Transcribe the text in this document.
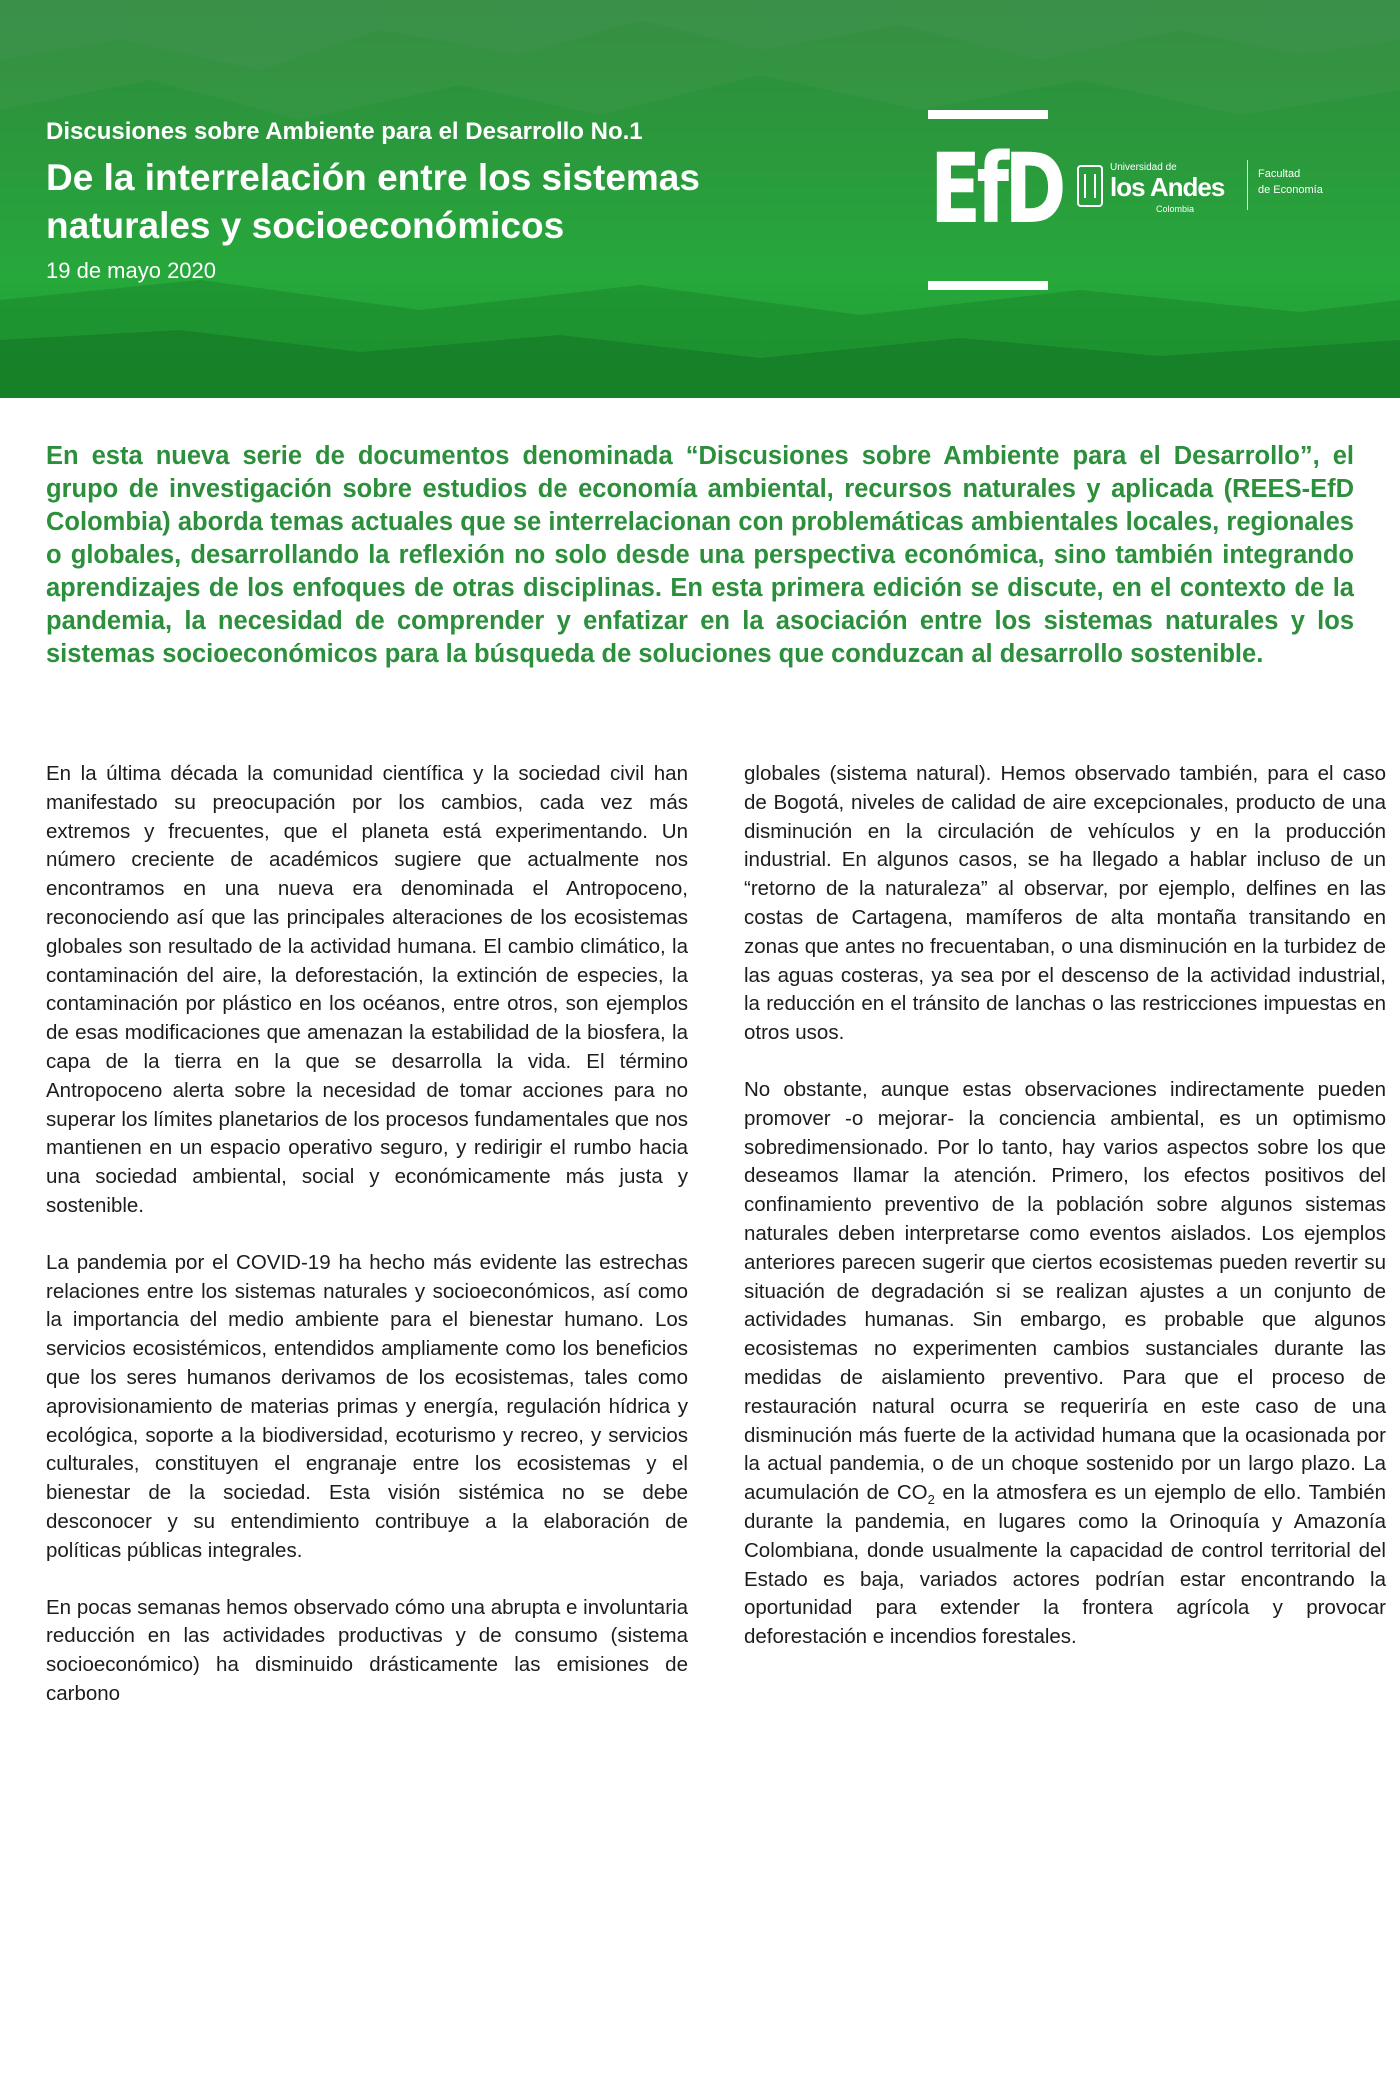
Discusiones sobre Ambiente para el Desarrollo No.1
De la interrelación entre los sistemas naturales y socioeconómicos
19 de mayo 2020
EfD	Universidad de
los Andes
Colombia
Facultad
de Economía
En esta nueva serie de documentos denominada “Discusiones sobre Ambiente para el Desarrollo”, el grupo de investigación sobre estudios de economía ambiental, recursos naturales y aplicada (REES-EfD Colombia) aborda temas actuales que se interrelacionan con problemáticas ambientales locales, regionales o globales, desarrollando la reflexión no solo desde una perspectiva económica, sino también integrando aprendizajes de los enfoques de otras disciplinas. En esta primera edición se discute, en el contexto de la pandemia, la necesidad de comprender y enfatizar en la asociación entre los sistemas naturales y los sistemas socioeconómicos para la búsqueda de soluciones que conduzcan al desarrollo sostenible.

En la última década la comunidad científica y la sociedad civil han manifestado su preocupación por los cambios, cada vez más extremos y frecuentes, que el planeta está experimentando. Un número creciente de académicos sugiere que actualmente nos encontramos en una nueva era denominada el Antropoceno, reconociendo así que las principales alteraciones de los ecosistemas globales son resultado de la actividad humana. El cambio climático, la contaminación del aire, la deforestación, la extinción de especies, la contaminación por plástico en los océanos, entre otros, son ejemplos de esas modificaciones que amenazan la estabilidad de la biosfera, la capa de la tierra en la que se desarrolla la vida. El término Antropoceno alerta sobre la necesidad de tomar acciones para no superar los límites planetarios de los procesos fundamentales que nos mantienen en un espacio operativo seguro, y redirigir el rumbo hacia una sociedad ambiental, social y económicamente más justa y sostenible.

La pandemia por el COVID-19 ha hecho más evidente las estrechas relaciones entre los sistemas naturales y socioeconómicos, así como la importancia del medio ambiente para el bienestar humano. Los servicios ecosistémicos, entendidos ampliamente como los beneficios que los seres humanos derivamos de los ecosistemas, tales como aprovisionamiento de materias primas y energía, regulación hídrica y ecológica, soporte a la biodiversidad, ecoturismo y recreo, y servicios culturales, constituyen el engranaje entre los ecosistemas y el bienestar de la sociedad. Esta visión sistémica no se debe desconocer y su entendimiento contribuye a la elaboración de políticas públicas integrales.

En pocas semanas hemos observado cómo una abrupta e involuntaria reducción en las actividades productivas y de consumo (sistema socioeconómico) ha disminuido drásticamente las emisiones de carbono

globales (sistema natural). Hemos observado también, para el caso de Bogotá, niveles de calidad de aire excepcionales, producto de una disminución en la circulación de vehículos y en la producción industrial. En algunos casos, se ha llegado a hablar incluso de un “retorno de la naturaleza” al observar, por ejemplo, delfines en las costas de Cartagena, mamíferos de alta montaña transitando en zonas que antes no frecuentaban, o una disminución en la turbidez de las aguas costeras, ya sea por el descenso de la actividad industrial, la reducción en el tránsito de lanchas o las restricciones impuestas en otros usos.

No obstante, aunque estas observaciones indirectamente pueden promover -o mejorar- la conciencia ambiental, es un optimismo sobredimensionado. Por lo tanto, hay varios aspectos sobre los que deseamos llamar la atención. Primero, los efectos positivos del confinamiento preventivo de la población sobre algunos sistemas naturales deben interpretarse como eventos aislados. Los ejemplos anteriores parecen sugerir que ciertos ecosistemas pueden revertir su situación de degradación si se realizan ajustes a un conjunto de actividades humanas. Sin embargo, es probable que algunos ecosistemas no experimenten cambios sustanciales durante las medidas de aislamiento preventivo. Para que el proceso de restauración natural ocurra se requeriría en este caso de una disminución más fuerte de la actividad humana que la ocasionada por la actual pandemia, o de un choque sostenido por un largo plazo. La acumulación de $CO_2$ en la atmosfera es un ejemplo de ello. También durante la pandemia, en lugares como la Orinoquía y Amazonía Colombiana, donde usualmente la capacidad de control territorial del Estado es baja, variados actores podrían estar encontrando la oportunidad para extender la frontera agrícola y provocar deforestación e incendios forestales.
